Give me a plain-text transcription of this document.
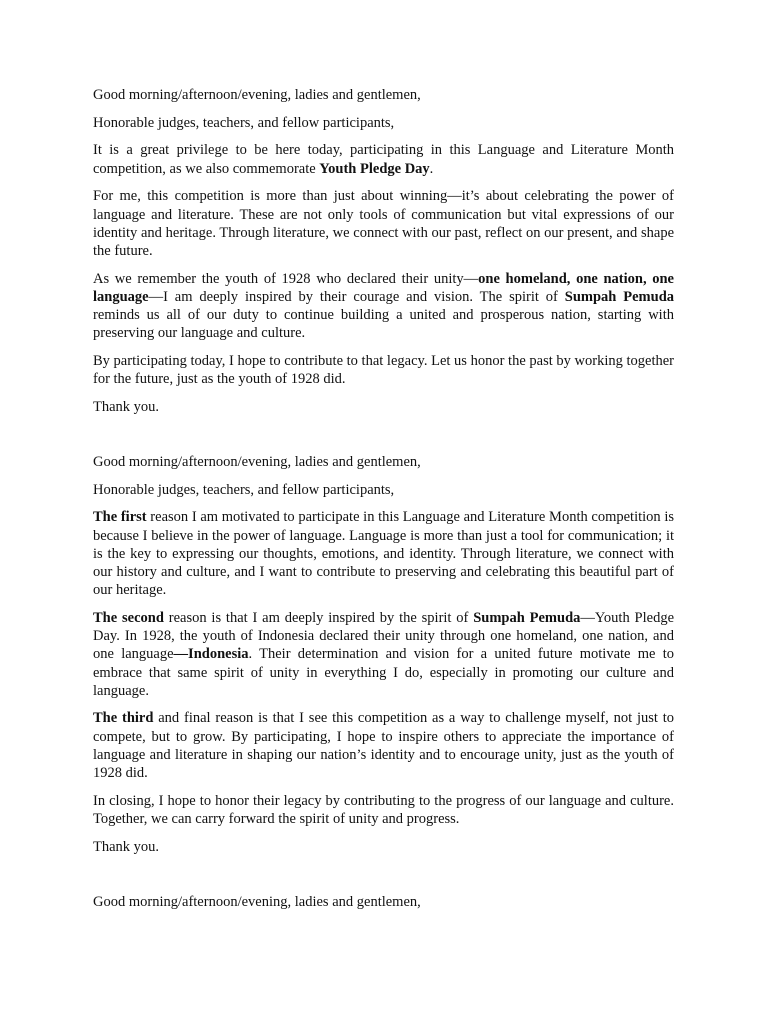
Good morning/afternoon/evening, ladies and gentlemen,

Honorable judges, teachers, and fellow participants,

It is a great privilege to be here today, participating in this Language and Literature Month competition, as we also commemorate Youth Pledge Day.

For me, this competition is more than just about winning—it’s about celebrating the power of language and literature. These are not only tools of communication but vital expressions of our identity and heritage. Through literature, we connect with our past, reflect on our present, and shape the future.

As we remember the youth of 1928 who declared their unity—one homeland, one nation, one language—I am deeply inspired by their courage and vision. The spirit of Sumpah Pemuda reminds us all of our duty to continue building a united and prosperous nation, starting with preserving our language and culture.

By participating today, I hope to contribute to that legacy. Let us honor the past by working together for the future, just as the youth of 1928 did.

Thank you.

Good morning/afternoon/evening, ladies and gentlemen,

Honorable judges, teachers, and fellow participants,

The first reason I am motivated to participate in this Language and Literature Month competition is because I believe in the power of language. Language is more than just a tool for communication; it is the key to expressing our thoughts, emotions, and identity. Through literature, we connect with our history and culture, and I want to contribute to preserving and celebrating this beautiful part of our heritage.

The second reason is that I am deeply inspired by the spirit of Sumpah Pemuda—Youth Pledge Day. In 1928, the youth of Indonesia declared their unity through one homeland, one nation, and one language—Indonesia. Their determination and vision for a united future motivate me to embrace that same spirit of unity in everything I do, especially in promoting our culture and language.

The third and final reason is that I see this competition as a way to challenge myself, not just to compete, but to grow. By participating, I hope to inspire others to appreciate the importance of language and literature in shaping our nation’s identity and to encourage unity, just as the youth of 1928 did.

In closing, I hope to honor their legacy by contributing to the progress of our language and culture. Together, we can carry forward the spirit of unity and progress.

Thank you.

Good morning/afternoon/evening, ladies and gentlemen,
